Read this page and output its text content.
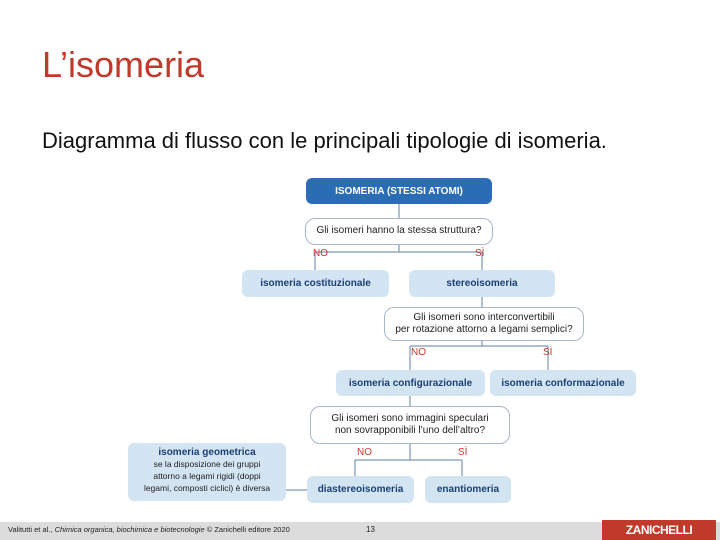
L’isomeria
Diagramma di flusso con le principali tipologie di isomeria.
ISOMERIA (STESSI ATOMI)
Gli isomeri hanno la stessa struttura?
NO	SÌ
isomeria costituzionale	stereoisomeria
Gli isomeri sono interconvertibili
per rotazione attorno a legami semplici?
NO	SÌ
isomeria configurazionale	isomeria conformazionale
Gli isomeri sono immagini speculari
non sovrapponibili l’uno dell’altro?
NO	SÌ
isomeria geometrica
se la disposizione dei gruppi
attorno a legami rigidi (doppi
legami, composti ciclici) è diversa	diastereoisomeria	enantiomeria
Valitutti et al., Chimica organica, biochimica e biotecnologie © Zanichelli editore 2020	13	ZANICHELLI
